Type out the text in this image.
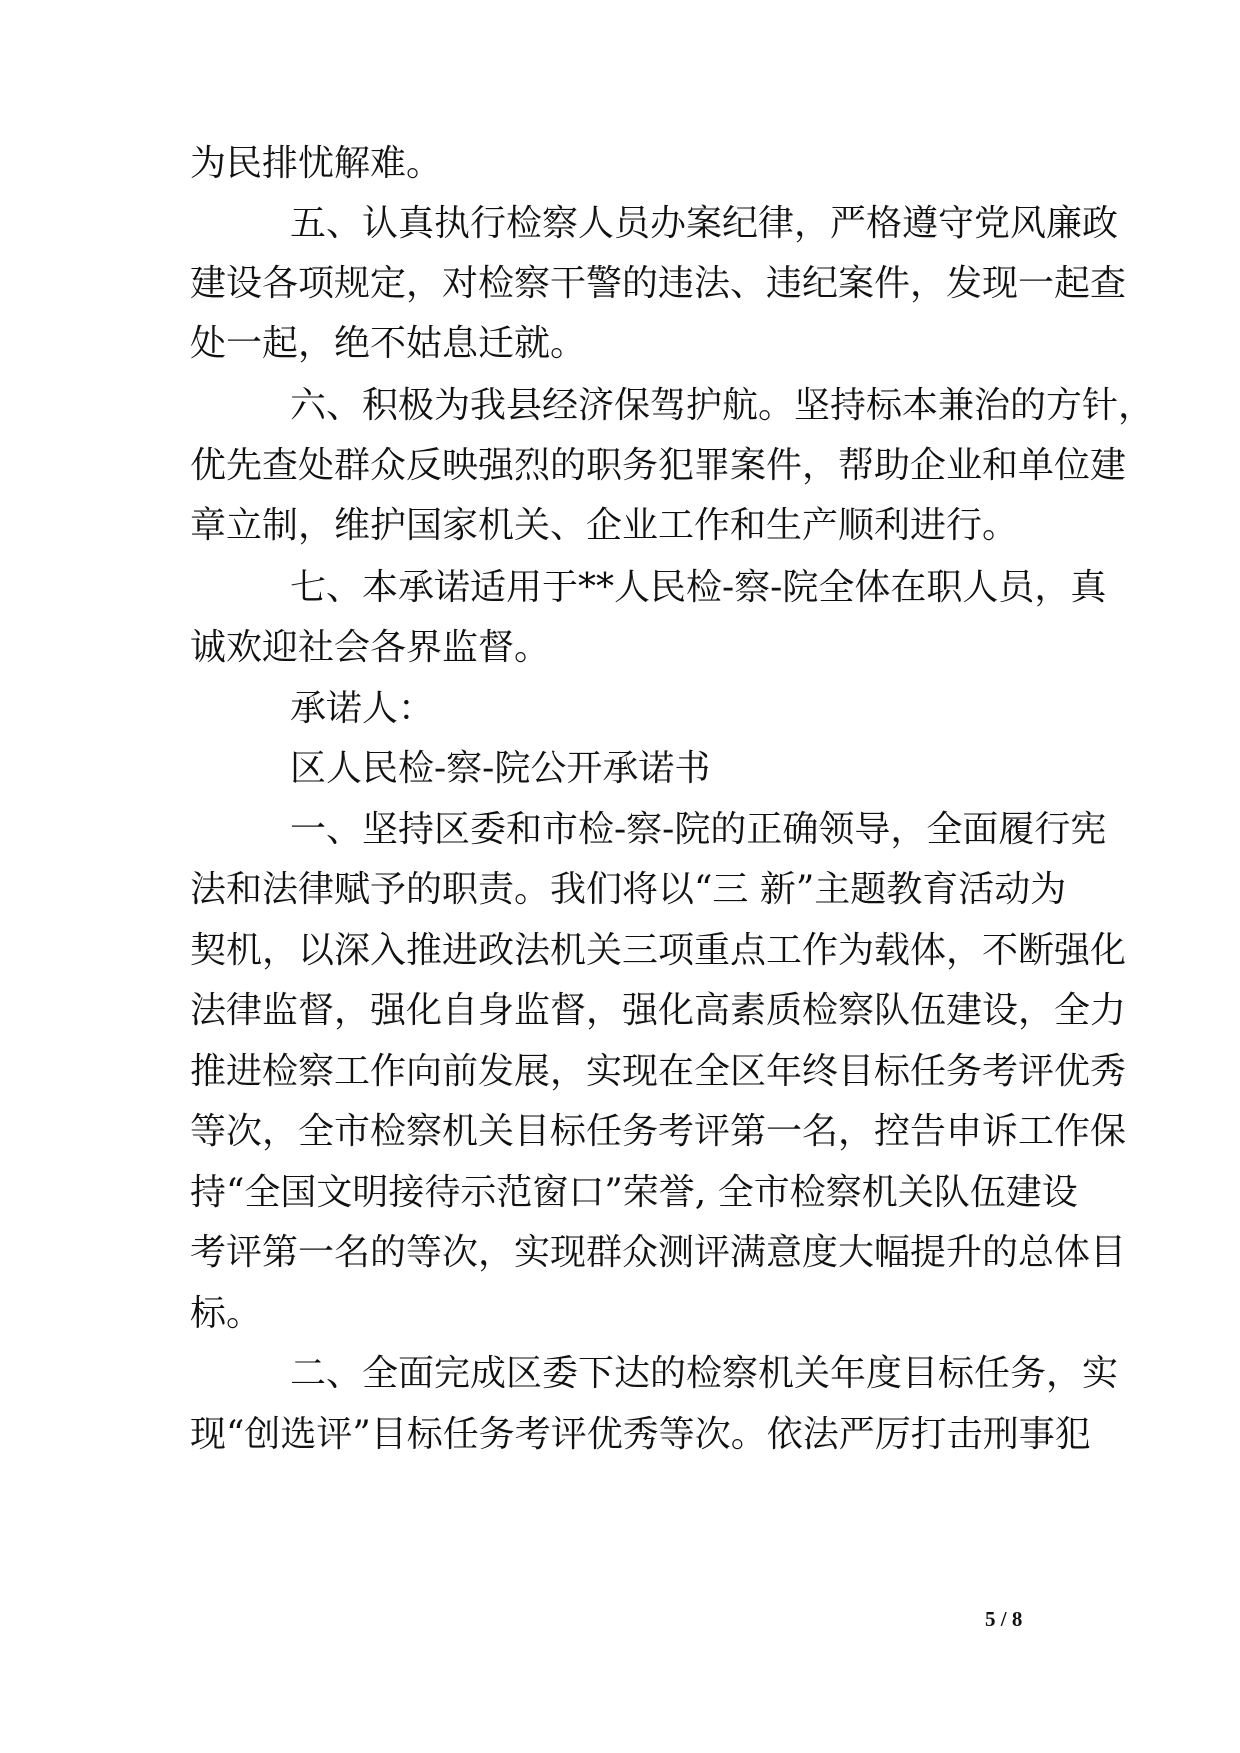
为民排忧解难。
五、认真执行检察人员办案纪律，严格遵守党风廉政
建设各项规定，对检察干警的违法、违纪案件，发现一起查
处一起，绝不姑息迁就。
六、积极为我县经济保驾护航。坚持标本兼治的方针，
优先查处群众反映强烈的职务犯罪案件，帮助企业和单位建
章立制，维护国家机关、企业工作和生产顺利进行。
七、本承诺适用于**人民检-察-院全体在职人员，真
诚欢迎社会各界监督。
承诺人：
区人民检-察-院公开承诺书
一、坚持区委和市检-察-院的正确领导，全面履行宪
法和法律赋予的职责。我们将以“三 新”主题教育活动为
契机，以深入推进政法机关三项重点工作为载体，不断强化
法律监督，强化自身监督，强化高素质检察队伍建设，全力
推进检察工作向前发展，实现在全区年终目标任务考评优秀
等次，全市检察机关目标任务考评第一名，控告申诉工作保
持“全国文明接待示范窗口”荣誉, 全市检察机关队伍建设
考评第一名的等次，实现群众测评满意度大幅提升的总体目
标。
二、全面完成区委下达的检察机关年度目标任务，实
现“创选评”目标任务考评优秀等次。依法严厉打击刑事犯
5 / 8
